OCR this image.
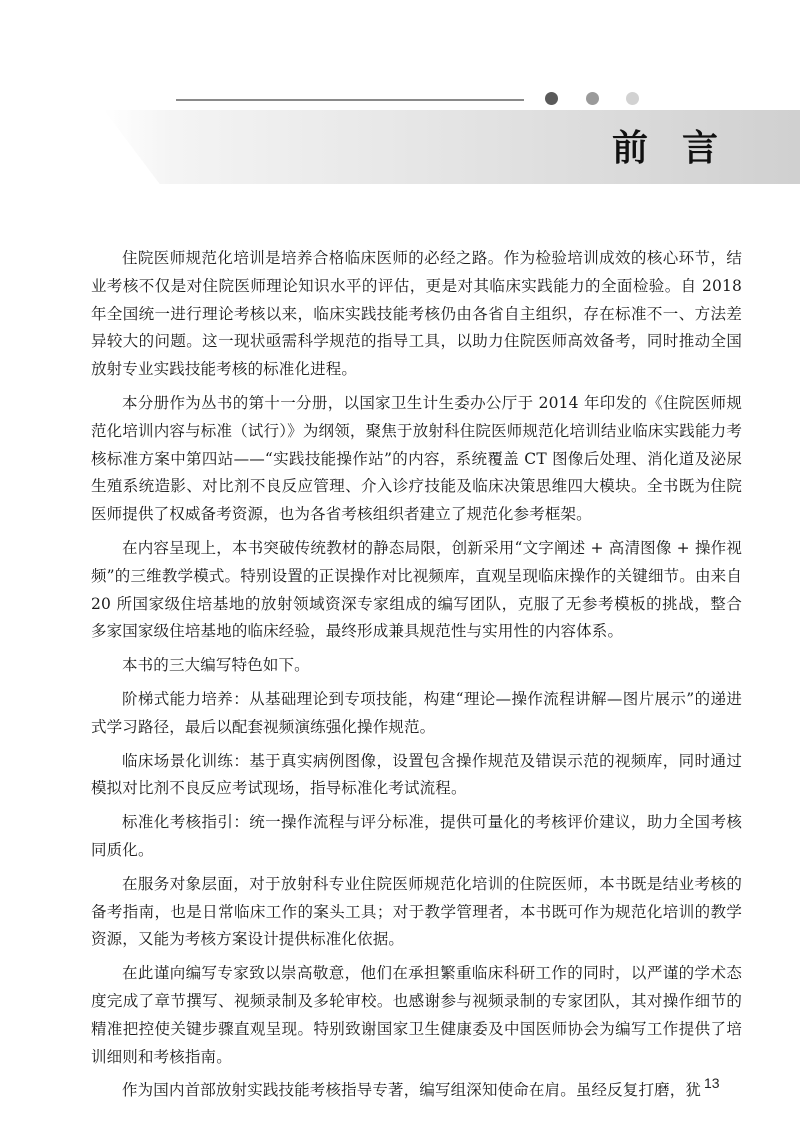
前言

住院医师规范化培训是培养合格临床医师的必经之路。作为检验培训成效的核心环节，结业考核不仅是对住院医师理论知识水平的评估，更是对其临床实践能力的全面检验。自 2018 年全国统一进行理论考核以来，临床实践技能考核仍由各省自主组织，存在标准不一、方法差异较大的问题。这一现状亟需科学规范的指导工具，以助力住院医师高效备考，同时推动全国放射专业实践技能考核的标准化进程。

本分册作为丛书的第十一分册，以国家卫生计生委办公厅于 2014 年印发的《住院医师规范化培训内容与标准（试行）》为纲领，聚焦于放射科住院医师规范化培训结业临床实践能力考核标准方案中第四站——“实践技能操作站”的内容，系统覆盖 CT 图像后处理、消化道及泌尿生殖系统造影、对比剂不良反应管理、介入诊疗技能及临床决策思维四大模块。全书既为住院医师提供了权威备考资源，也为各省考核组织者建立了规范化参考框架。

在内容呈现上，本书突破传统教材的静态局限，创新采用“文字阐述 + 高清图像 + 操作视频”的三维教学模式。特别设置的正误操作对比视频库，直观呈现临床操作的关键细节。由来自 20 所国家级住培基地的放射领域资深专家组成的编写团队，克服了无参考模板的挑战，整合多家国家级住培基地的临床经验，最终形成兼具规范性与实用性的内容体系。

本书的三大编写特色如下。

阶梯式能力培养：从基础理论到专项技能，构建“理论—操作流程讲解—图片展示”的递进式学习路径，最后以配套视频演练强化操作规范。

临床场景化训练：基于真实病例图像，设置包含操作规范及错误示范的视频库，同时通过模拟对比剂不良反应考试现场，指导标准化考试流程。

标准化考核指引：统一操作流程与评分标准，提供可量化的考核评价建议，助力全国考核同质化。

在服务对象层面，对于放射科专业住院医师规范化培训的住院医师，本书既是结业考核的备考指南，也是日常临床工作的案头工具；对于教学管理者，本书既可作为规范化培训的教学资源，又能为考核方案设计提供标准化依据。

在此谨向编写专家致以崇高敬意，他们在承担繁重临床科研工作的同时，以严谨的学术态度完成了章节撰写、视频录制及多轮审校。也感谢参与视频录制的专家团队，其对操作细节的精准把控使关键步骤直观呈现。特别致谢国家卫生健康委及中国医师协会为编写工作提供了培训细则和考核指南。

作为国内首部放射实践技能考核指导专著，编写组深知使命在肩。虽经反复打磨，犹 13
